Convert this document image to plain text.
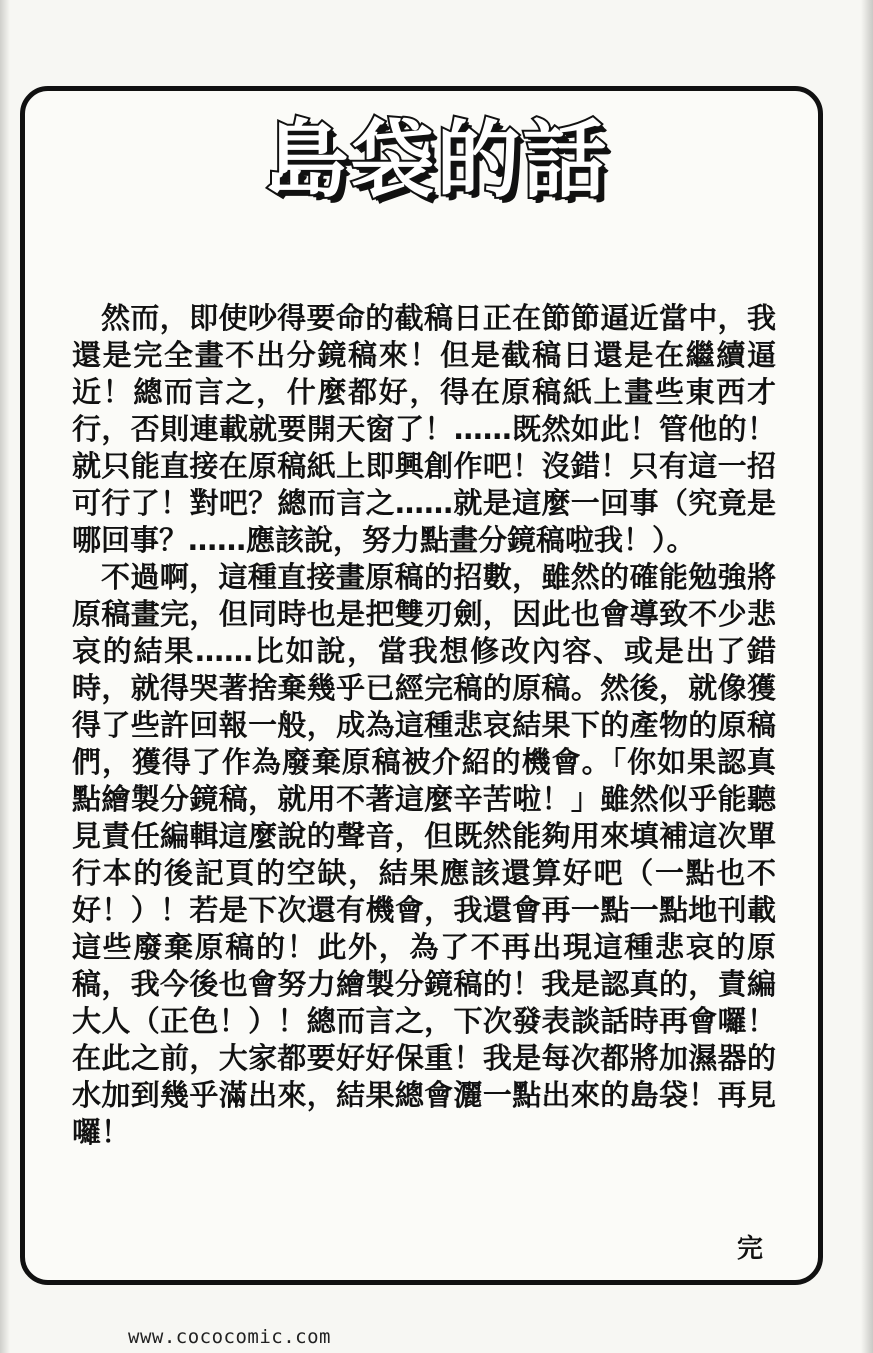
島袋的話

然而，即使吵得要命的截稿日正在節節逼近當中，我還是完全畫不出分鏡稿來！但是截稿日還是在繼續逼近！總而言之，什麼都好，得在原稿紙上畫些東西才行，否則連載就要開天窗了！……既然如此！管他的！就只能直接在原稿紙上即興創作吧！沒錯！只有這一招可行了！對吧？總而言之……就是這麼一回事（究竟是哪回事？……應該說，努力點畫分鏡稿啦我！）。

不過啊，這種直接畫原稿的招數，雖然的確能勉強將原稿畫完，但同時也是把雙刃劍，因此也會導致不少悲哀的結果……比如說，當我想修改內容、或是出了錯時，就得哭著捨棄幾乎已經完稿的原稿。然後，就像獲得了些許回報一般，成為這種悲哀結果下的產物的原稿們，獲得了作為廢棄原稿被介紹的機會。「你如果認真點繪製分鏡稿，就用不著這麼辛苦啦！」雖然似乎能聽見責任編輯這麼說的聲音，但既然能夠用來填補這次單行本的後記頁的空缺，結果應該還算好吧（一點也不好！）！若是下次還有機會，我還會再一點一點地刊載這些廢棄原稿的！此外，為了不再出現這種悲哀的原稿，我今後也會努力繪製分鏡稿的！我是認真的，責編大人（正色！）！總而言之，下次發表談話時再會囉！在此之前，大家都要好好保重！我是每次都將加濕器的水加到幾乎滿出來，結果總會灑一點出來的島袋！再見囉！

完
www.cococomic.com
